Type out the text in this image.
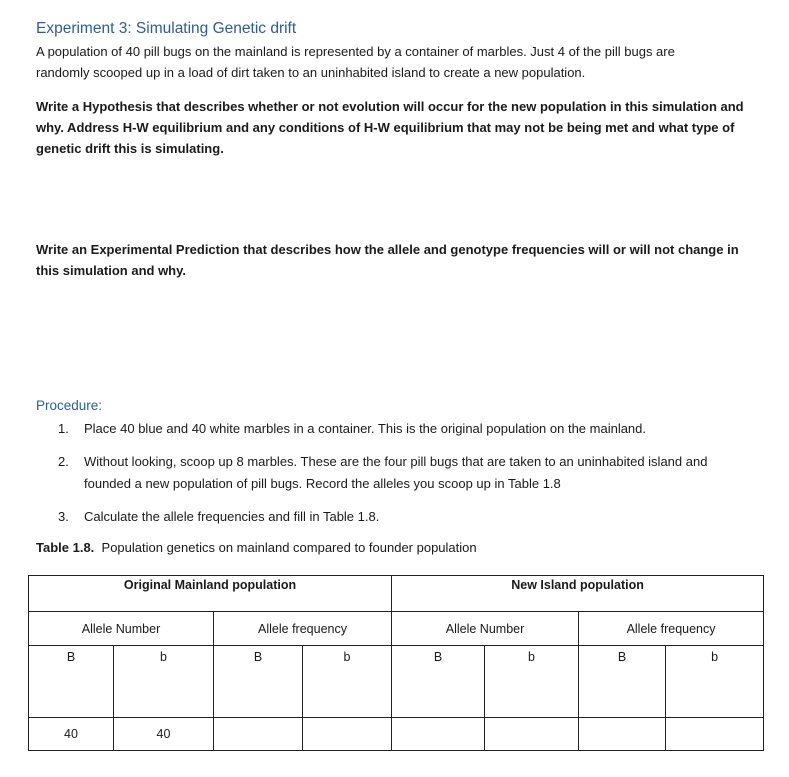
Experiment 3: Simulating Genetic drift
A population of 40 pill bugs on the mainland is represented by a container of marbles. Just 4 of the pill bugs are
randomly scooped up in a load of dirt taken to an uninhabited island to create a new population.
Write a Hypothesis that describes whether or not evolution will occur for the new population in this simulation and
why. Address H-W equilibrium and any conditions of H-W equilibrium that may not be being met and what type of
genetic drift this is simulating.
Write an Experimental Prediction that describes how the allele and genotype frequencies will or will not change in
this simulation and why.
Procedure:
1. Place 40 blue and 40 white marbles in a container. This is the original population on the mainland.
2. Without looking, scoop up 8 marbles. These are the four pill bugs that are taken to an uninhabited island and
founded a new population of pill bugs. Record the alleles you scoop up in Table 1.8
3. Calculate the allele frequencies and fill in Table 1.8.
Table 1.8.  Population genetics on mainland compared to founder population
Original Mainland population				New Island population			
Allele Number		Allele frequency		Allele Number		Allele frequency	
B	b	B	b	B	b	B	b
40	40						
